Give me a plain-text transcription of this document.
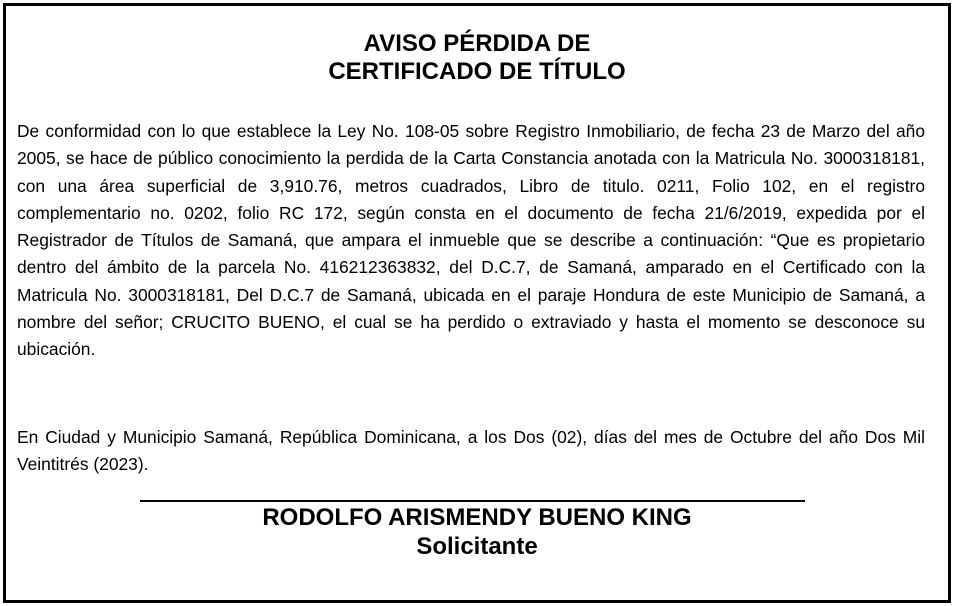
AVISO PÉRDIDA DE
CERTIFICADO DE TÍTULO

De conformidad con lo que establece la Ley No. 108-05 sobre Registro Inmobiliario, de fecha 23 de Marzo del año 2005, se hace de público conocimiento la perdida de la Carta Constancia anotada con la Matricula No. 3000318181, con una área superficial de 3,910.76, metros cuadrados, Libro de titulo. 0211, Folio 102, en el registro complementario no. 0202, folio RC 172, según consta en el documento de fecha 21/6/2019, expedida por el Registrador de Títulos de Samaná, que ampara el inmueble que se describe a continuación: “Que es propietario dentro del ámbito de la parcela No. 416212363832, del D.C.7, de Samaná, amparado en el Certificado con la Matricula No. 3000318181, Del D.C.7 de Samaná, ubicada en el paraje Hondura de este Municipio de Samaná, a nombre del señor; CRUCITO BUENO, el cual se ha perdido o extraviado y hasta el momento se desconoce su ubicación.

En Ciudad y Municipio Samaná, República Dominicana, a los Dos (02), días del mes de Octubre del año Dos Mil Veintitrés (2023).

RODOLFO ARISMENDY BUENO KING
Solicitante
